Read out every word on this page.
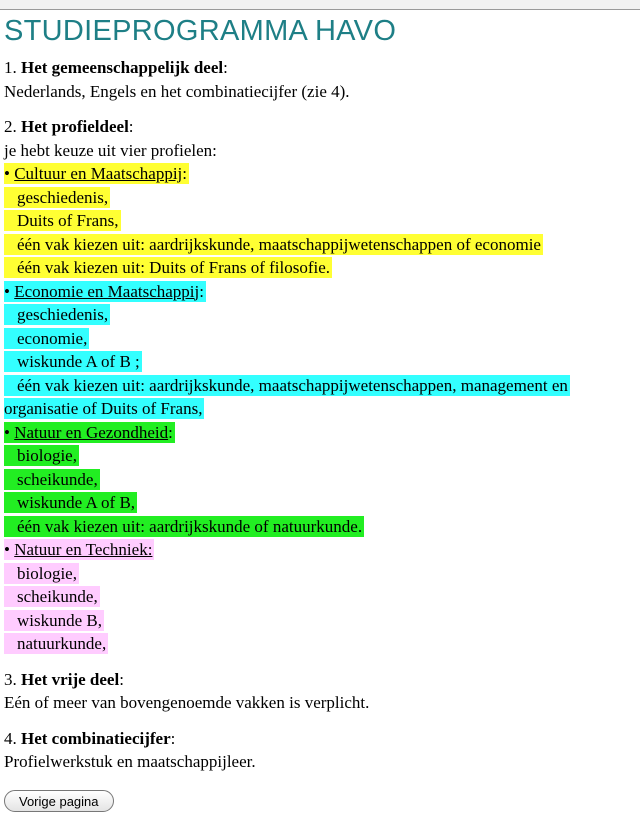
STUDIEPROGRAMMA HAVO
1. Het gemeenschappelijk deel:
Nederlands, Engels en het combinatiecijfer (zie 4).
2. Het profieldeel:
je hebt keuze uit vier profielen:
• Cultuur en Maatschappij:
geschiedenis,
Duits of Frans,
één vak kiezen uit: aardrijkskunde, maatschappijwetenschappen of economie
één vak kiezen uit: Duits of Frans of filosofie.
• Economie en Maatschappij:
geschiedenis,
economie,
wiskunde A of B ;
één vak kiezen uit: aardrijkskunde, maatschappijwetenschappen, management en
organisatie of Duits of Frans,
• Natuur en Gezondheid:
biologie,
scheikunde,
wiskunde A of B,
één vak kiezen uit: aardrijkskunde of natuurkunde.
• Natuur en Techniek:
biologie,
scheikunde,
wiskunde B,
natuurkunde,
3. Het vrije deel:
Eén of meer van bovengenoemde vakken is verplicht.
4. Het combinatiecijfer:
Profielwerkstuk en maatschappijleer.
Vorige pagina
